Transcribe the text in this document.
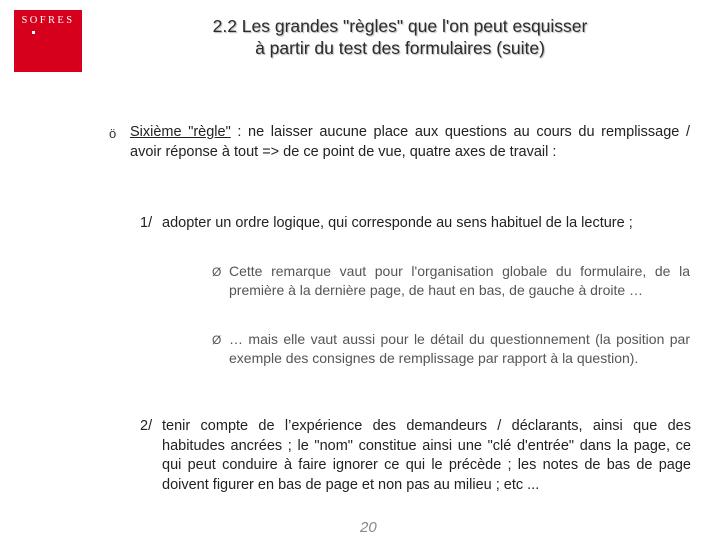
SOFRES	2.2 Les grandes "règles" que l'on peut esquisser
à partir du test des formulaires (suite)
ö Sixième "règle" : ne laisser aucune place aux questions au cours du remplissage / avoir réponse à tout => de ce point de vue, quatre axes de travail :
1/ adopter un ordre logique, qui corresponde au sens habituel de la lecture ;
Ø Cette remarque vaut pour l'organisation globale du formulaire, de la première à la dernière page, de haut en bas, de gauche à droite …
Ø … mais elle vaut aussi pour le détail du questionnement (la position par exemple des consignes de remplissage par rapport à la question).
2/ tenir compte de l’expérience des demandeurs / déclarants, ainsi que des habitudes ancrées ; le "nom" constitue ainsi une "clé d'entrée" dans la page, ce qui peut conduire à faire ignorer ce qui le précède ; les notes de bas de page doivent figurer en bas de page et non pas au milieu ; etc ...
20
